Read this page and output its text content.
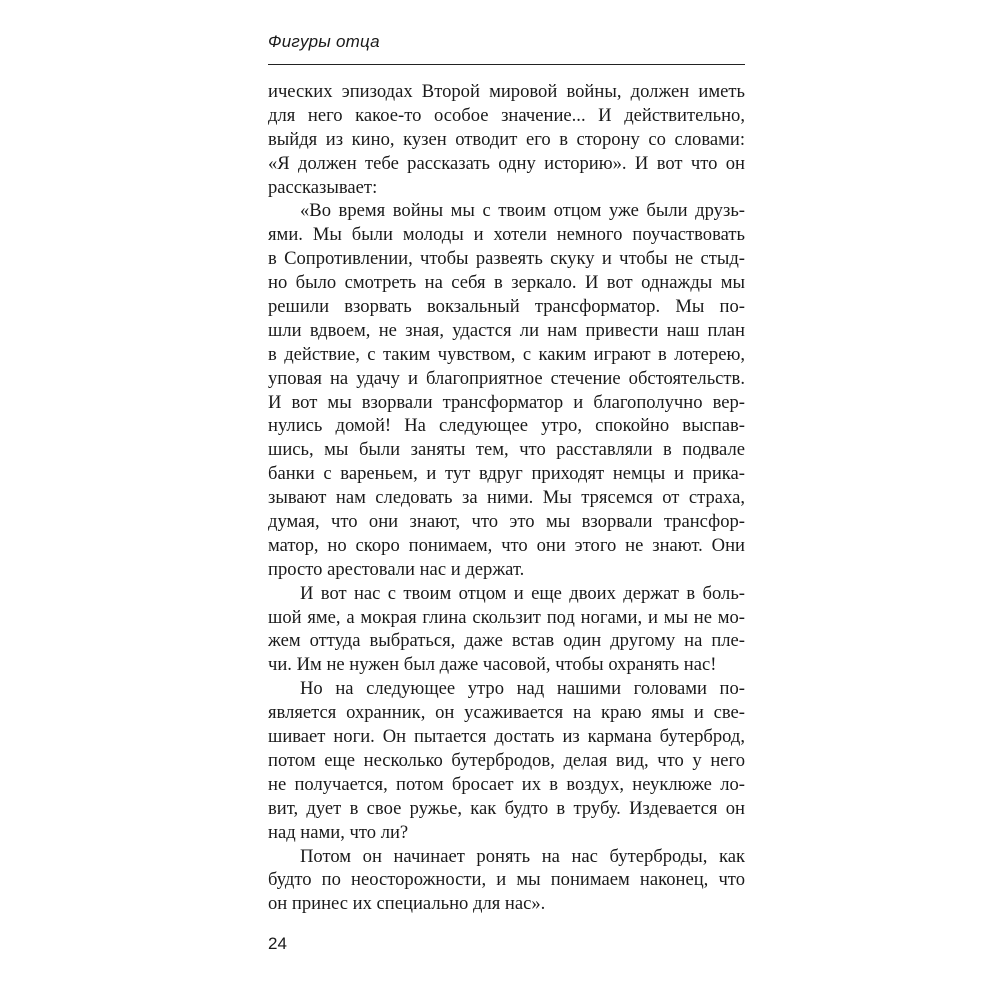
Фигуры отца
ических эпизодах Второй мировой войны, должен иметь
для него какое-то особое значение... И действительно,
выйдя из кино, кузен отводит его в сторону со словами:
«Я должен тебе рассказать одну историю». И вот что он
рассказывает:
«Во время войны мы с твоим отцом уже были друзь-
ями. Мы были молоды и хотели немного поучаствовать
в Сопротивлении, чтобы развеять скуку и чтобы не стыд-
но было смотреть на себя в зеркало. И вот однажды мы
решили взорвать вокзальный трансформатор. Мы по-
шли вдвоем, не зная, удастся ли нам привести наш план
в действие, с таким чувством, с каким играют в лотерею,
уповая на удачу и благоприятное стечение обстоятельств.
И вот мы взорвали трансформатор и благополучно вер-
нулись домой! На следующее утро, спокойно выспав-
шись, мы были заняты тем, что расставляли в подвале
банки с вареньем, и тут вдруг приходят немцы и прика-
зывают нам следовать за ними. Мы трясемся от страха,
думая, что они знают, что это мы взорвали трансфор-
матор, но скоро понимаем, что они этого не знают. Они
просто арестовали нас и держат.
И вот нас с твоим отцом и еще двоих держат в боль-
шой яме, а мокрая глина скользит под ногами, и мы не мо-
жем оттуда выбраться, даже встав один другому на пле-
чи. Им не нужен был даже часовой, чтобы охранять нас!
Но на следующее утро над нашими головами по-
является охранник, он усаживается на краю ямы и све-
шивает ноги. Он пытается достать из кармана бутерброд,
потом еще несколько бутербродов, делая вид, что у него
не получается, потом бросает их в воздух, неуклюже ло-
вит, дует в свое ружье, как будто в трубу. Издевается он
над нами, что ли?
Потом он начинает ронять на нас бутерброды, как
будто по неосторожности, и мы понимаем наконец, что
он принес их специально для нас».
24
